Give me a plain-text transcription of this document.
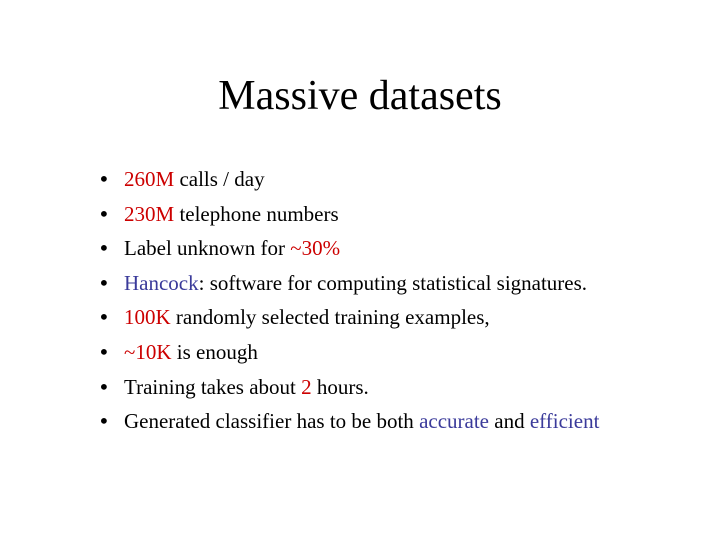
Massive datasets
• 260M calls / day
• 230M telephone numbers
• Label unknown for ~30%
• Hancock: software for computing statistical signatures.
• 100K randomly selected training examples,
• ~10K is enough
• Training takes about 2 hours.
• Generated classifier has to be both accurate and efficient
